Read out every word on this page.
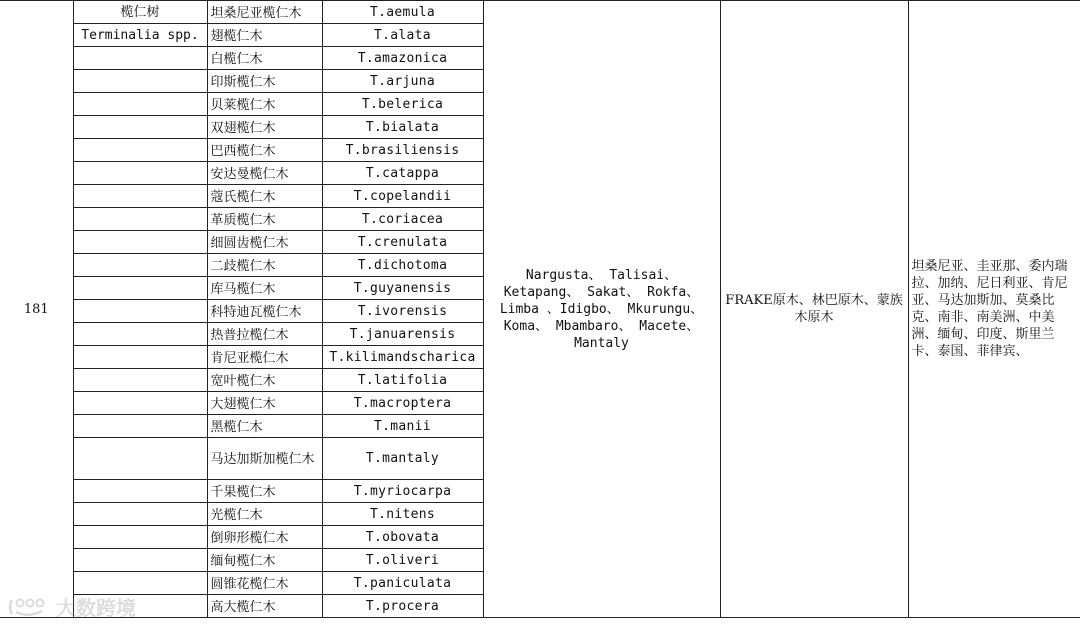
181	榄仁树	坦桑尼亚榄仁木	T.aemula	Nargusta、 Talisai、 Ketapang、 Sakat、 Rokfa、 Limba 、Idigbo、 Mkurungu、 Koma、 Mbambaro、 Macete、 Mantaly	FRAKE原木、林巴原木、蒙族木原木	坦桑尼亚、圭亚那、委内瑞拉、加纳、尼日利亚、肯尼亚、马达加斯加、莫桑比克、南非、南美洲、中美洲、缅甸、印度、斯里兰卡、泰国、菲律宾、
	Terminalia spp.	翅榄仁木	T.alata			
		白榄仁木	T.amazonica			
		印斯榄仁木	T.arjuna			
		贝莱榄仁木	T.belerica			
		双翅榄仁木	T.bialata			
		巴西榄仁木	T.brasiliensis			
		安达曼榄仁木	T.catappa			
		蔻氏榄仁木	T.copelandii			
		革质榄仁木	T.coriacea			
		细圆齿榄仁木	T.crenulata			
		二歧榄仁木	T.dichotoma			
		库马榄仁木	T.guyanensis			
		科特迪瓦榄仁木	T.ivorensis			
		热普拉榄仁木	T.januarensis			
		肯尼亚榄仁木	T.kilimandscharica			
		宽叶榄仁木	T.latifolia			
		大翅榄仁木	T.macroptera			
		黑榄仁木	T.manii			
		马达加斯加榄仁木	T.mantaly			
		千果榄仁木	T.myriocarpa			
		光榄仁木	T.nitens			
		倒卵形榄仁木	T.obovata			
		缅甸榄仁木	T.oliveri			
		圆锥花榄仁木	T.paniculata			
		高大榄仁木	T.procera			
大数跨境
